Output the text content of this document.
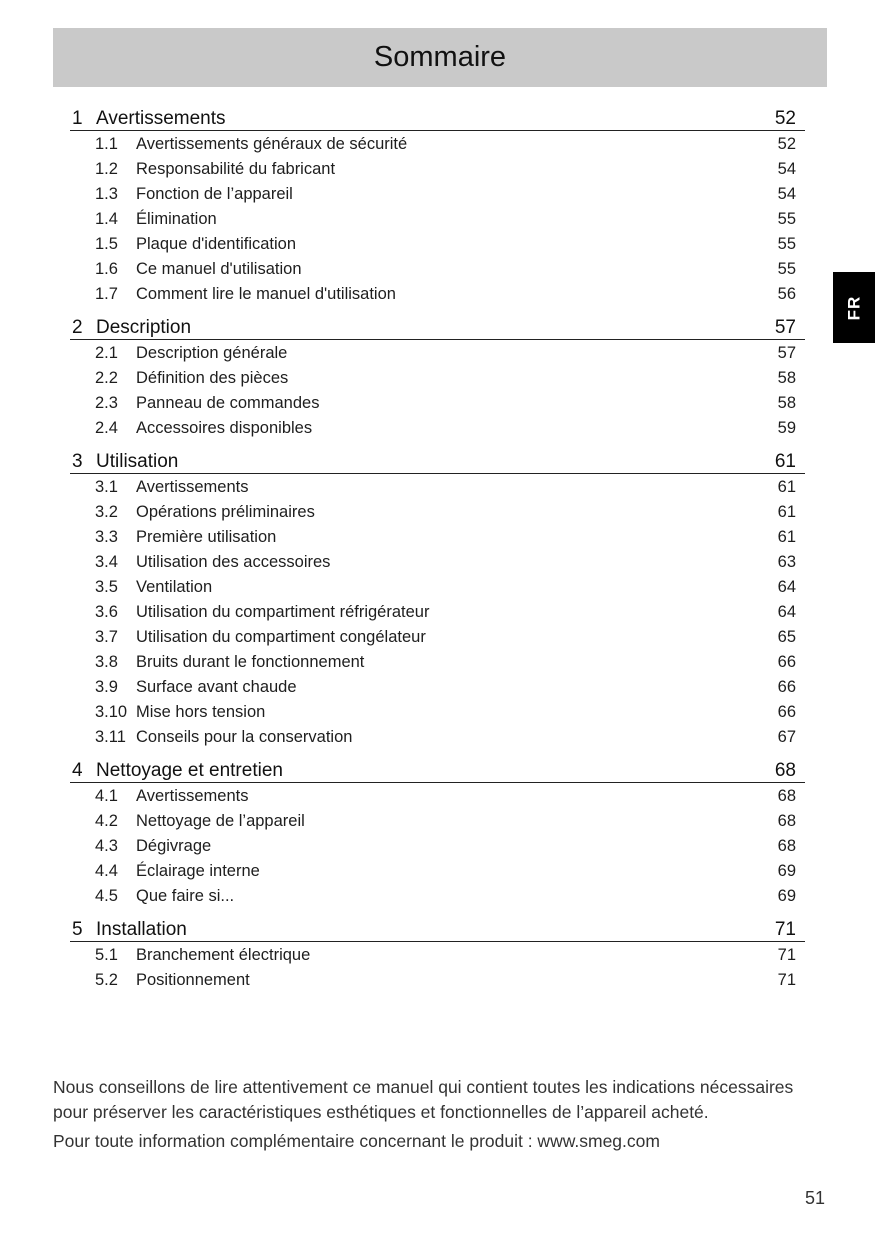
Sommaire
FR
1 Avertissements	52
1.1	Avertissements généraux de sécurité	52
1.2	Responsabilité du fabricant	54
1.3	Fonction de l’appareil	54
1.4	Élimination	55
1.5	Plaque d'identification	55
1.6	Ce manuel d'utilisation	55
1.7	Comment lire le manuel d'utilisation	56
2 Description	57
2.1	Description générale	57
2.2	Définition des pièces	58
2.3	Panneau de commandes	58
2.4	Accessoires disponibles	59
3 Utilisation	61
3.1	Avertissements	61
3.2	Opérations préliminaires	61
3.3	Première utilisation	61
3.4	Utilisation des accessoires	63
3.5	Ventilation	64
3.6	Utilisation du compartiment réfrigérateur	64
3.7	Utilisation du compartiment congélateur	65
3.8	Bruits durant le fonctionnement	66
3.9	Surface avant chaude	66
3.10 Mise hors tension	66
3.11 Conseils pour la conservation	67
4 Nettoyage et entretien	68
4.1	Avertissements	68
4.2	Nettoyage de l’appareil	68
4.3	Dégivrage	68
4.4	Éclairage interne	69
4.5	Que faire si...	69
5 Installation	71
5.1	Branchement électrique	71
5.2	Positionnement	71

Nous conseillons de lire attentivement ce manuel qui contient toutes les indications nécessaires pour préserver les caractéristiques esthétiques et fonctionnelles de l’appareil acheté.

Pour toute information complémentaire concernant le produit : www.smeg.com

51
